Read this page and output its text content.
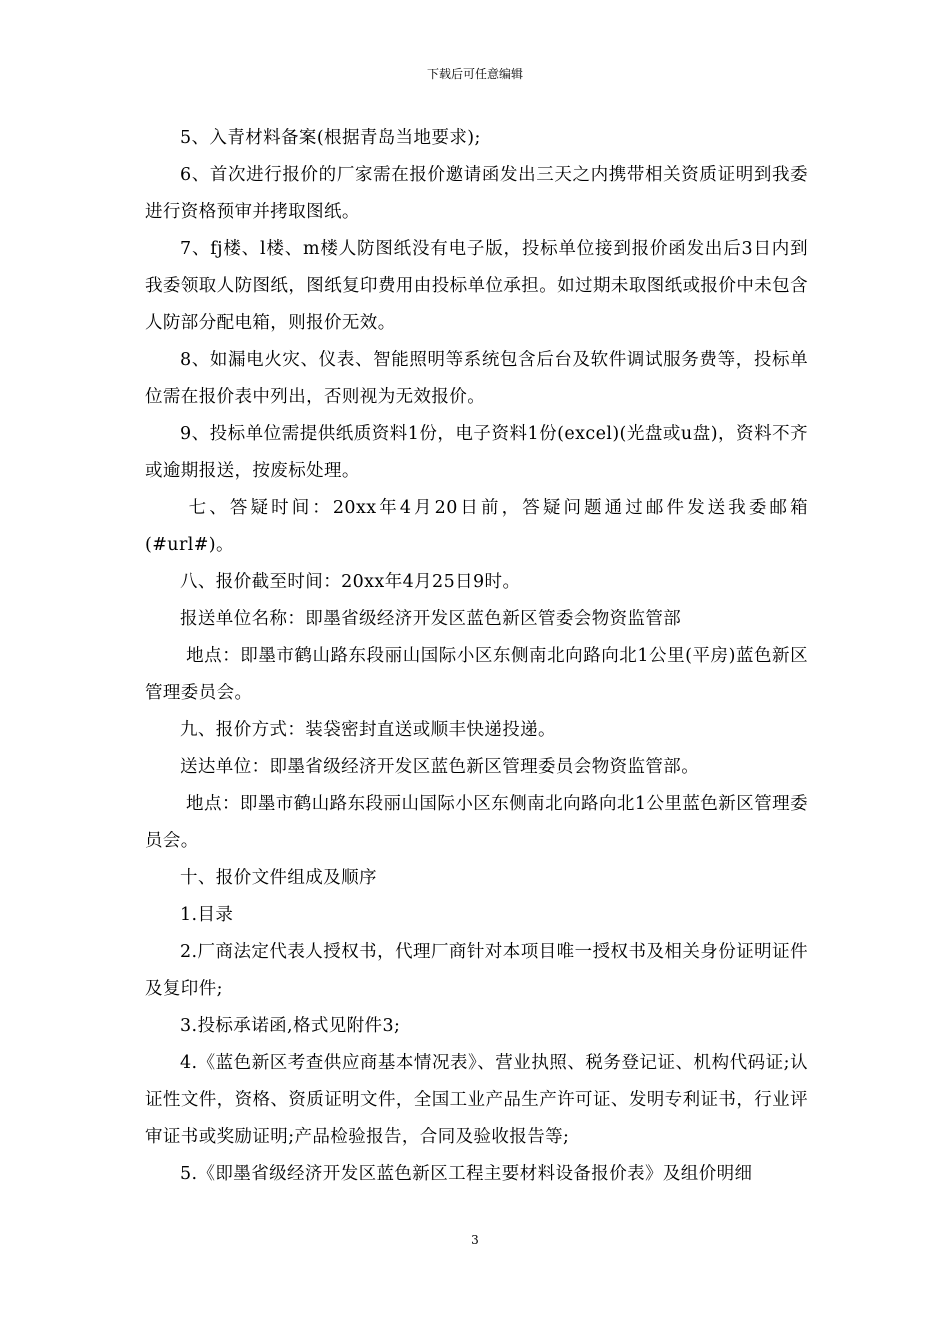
下载后可任意编辑

5、入青材料备案(根据青岛当地要求);

6、首次进行报价的厂家需在报价邀请函发出三天之内携带相关资质证明到我委进行资格预审并拷取图纸。

7、fj楼、l楼、m楼人防图纸没有电子版，投标单位接到报价函发出后3日内到我委领取人防图纸，图纸复印费用由投标单位承担。如过期未取图纸或报价中未包含人防部分配电箱，则报价无效。

8、如漏电火灾、仪表、智能照明等系统包含后台及软件调试服务费等，投标单位需在报价表中列出，否则视为无效报价。

9、投标单位需提供纸质资料1份，电子资料1份(excel)(光盘或u盘)，资料不齐或逾期报送，按废标处理。

七、答疑时间：20xx年4月20日前，答疑问题通过邮件发送我委邮箱(#url#)。

八、报价截至时间：20xx年4月25日9时。

报送单位名称：即墨省级经济开发区蓝色新区管委会物资监管部

地点：即墨市鹤山路东段丽山国际小区东侧南北向路向北1公里(平房)蓝色新区管理委员会。

九、报价方式：装袋密封直送或顺丰快递投递。

送达单位：即墨省级经济开发区蓝色新区管理委员会物资监管部。

地点：即墨市鹤山路东段丽山国际小区东侧南北向路向北1公里蓝色新区管理委员会。

十、报价文件组成及顺序

1.目录

2.厂商法定代表人授权书，代理厂商针对本项目唯一授权书及相关身份证明证件及复印件;

3.投标承诺函,格式见附件3;

4.《蓝色新区考查供应商基本情况表》、营业执照、税务登记证、机构代码证;认证性文件，资格、资质证明文件，全国工业产品生产许可证、发明专利证书，行业评审证书或奖励证明;产品检验报告，合同及验收报告等;

5.《即墨省级经济开发区蓝色新区工程主要材料设备报价表》及组价明细

3
